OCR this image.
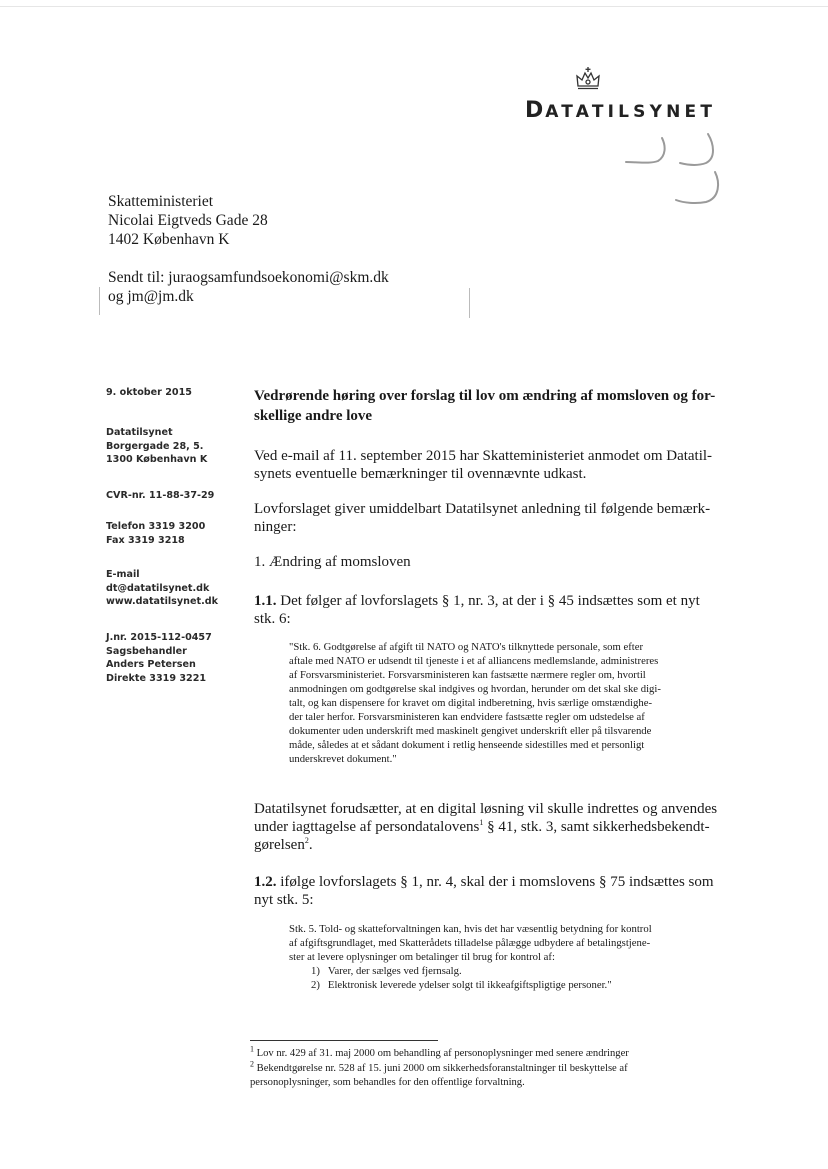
DATATILSYNET
Skatteministeriet
Nicolai Eigtveds Gade 28
1402 København K
Sendt til: juraogsamfundsoekonomi@skm.dk
og jm@jm.dk
9. oktober 2015
Datatilsynet
Borgergade 28, 5.
1300 København K
CVR-nr. 11-88-37-29
Telefon 3319 3200
Fax 3319 3218
E-mail
dt@datatilsynet.dk
www.datatilsynet.dk
J.nr. 2015-112-0457
Sagsbehandler
Anders Petersen
Direkte 3319 3221
Vedrørende høring over forslag til lov om ændring af momsloven og for-
skellige andre love
Ved e-mail af 11. september 2015 har Skatteministeriet anmodet om Datatil-
synets eventuelle bemærkninger til ovennævnte udkast.
Lovforslaget giver umiddelbart Datatilsynet anledning til følgende bemærk-
ninger:
1. Ændring af momsloven
1.1. Det følger af lovforslagets § 1, nr. 3, at der i § 45 indsættes som et nyt
stk. 6:
"Stk. 6. Godtgørelse af afgift til NATO og NATO's tilknyttede personale, som efter
aftale med NATO er udsendt til tjeneste i et af alliancens medlemslande, administreres
af Forsvarsministeriet. Forsvarsministeren kan fastsætte nærmere regler om, hvortil
anmodningen om godtgørelse skal indgives og hvordan, herunder om det skal ske digi-
talt, og kan dispensere for kravet om digital indberetning, hvis særlige omstændighe-
der taler herfor. Forsvarsministeren kan endvidere fastsætte regler om udstedelse af
dokumenter uden underskrift med maskinelt gengivet underskrift eller på tilsvarende
måde, således at et sådant dokument i retlig henseende sidestilles med et personligt
underskrevet dokument."
Datatilsynet forudsætter, at en digital løsning vil skulle indrettes og anvendes
under iagttagelse af persondatalovens$^1$ § 41, stk. 3, samt sikkerhedsbekendt-
gørelsen$^2$.
1.2. ifølge lovforslagets § 1, nr. 4, skal der i momslovens § 75 indsættes som
nyt stk. 5:
Stk. 5. Told- og skatteforvaltningen kan, hvis det har væsentlig betydning for kontrol
af afgiftsgrundlaget, med Skatterådets tilladelse pålægge udbydere af betalingstjene-
ster at levere oplysninger om betalinger til brug for kontrol af:
1) Varer, der sælges ved fjernsalg.
2) Elektronisk leverede ydelser solgt til ikkeafgiftspligtige personer."
$^1$ Lov nr. 429 af 31. maj 2000 om behandling af personoplysninger med senere ændringer
$^2$ Bekendtgørelse nr. 528 af 15. juni 2000 om sikkerhedsforanstaltninger til beskyttelse af
personoplysninger, som behandles for den offentlige forvaltning.
